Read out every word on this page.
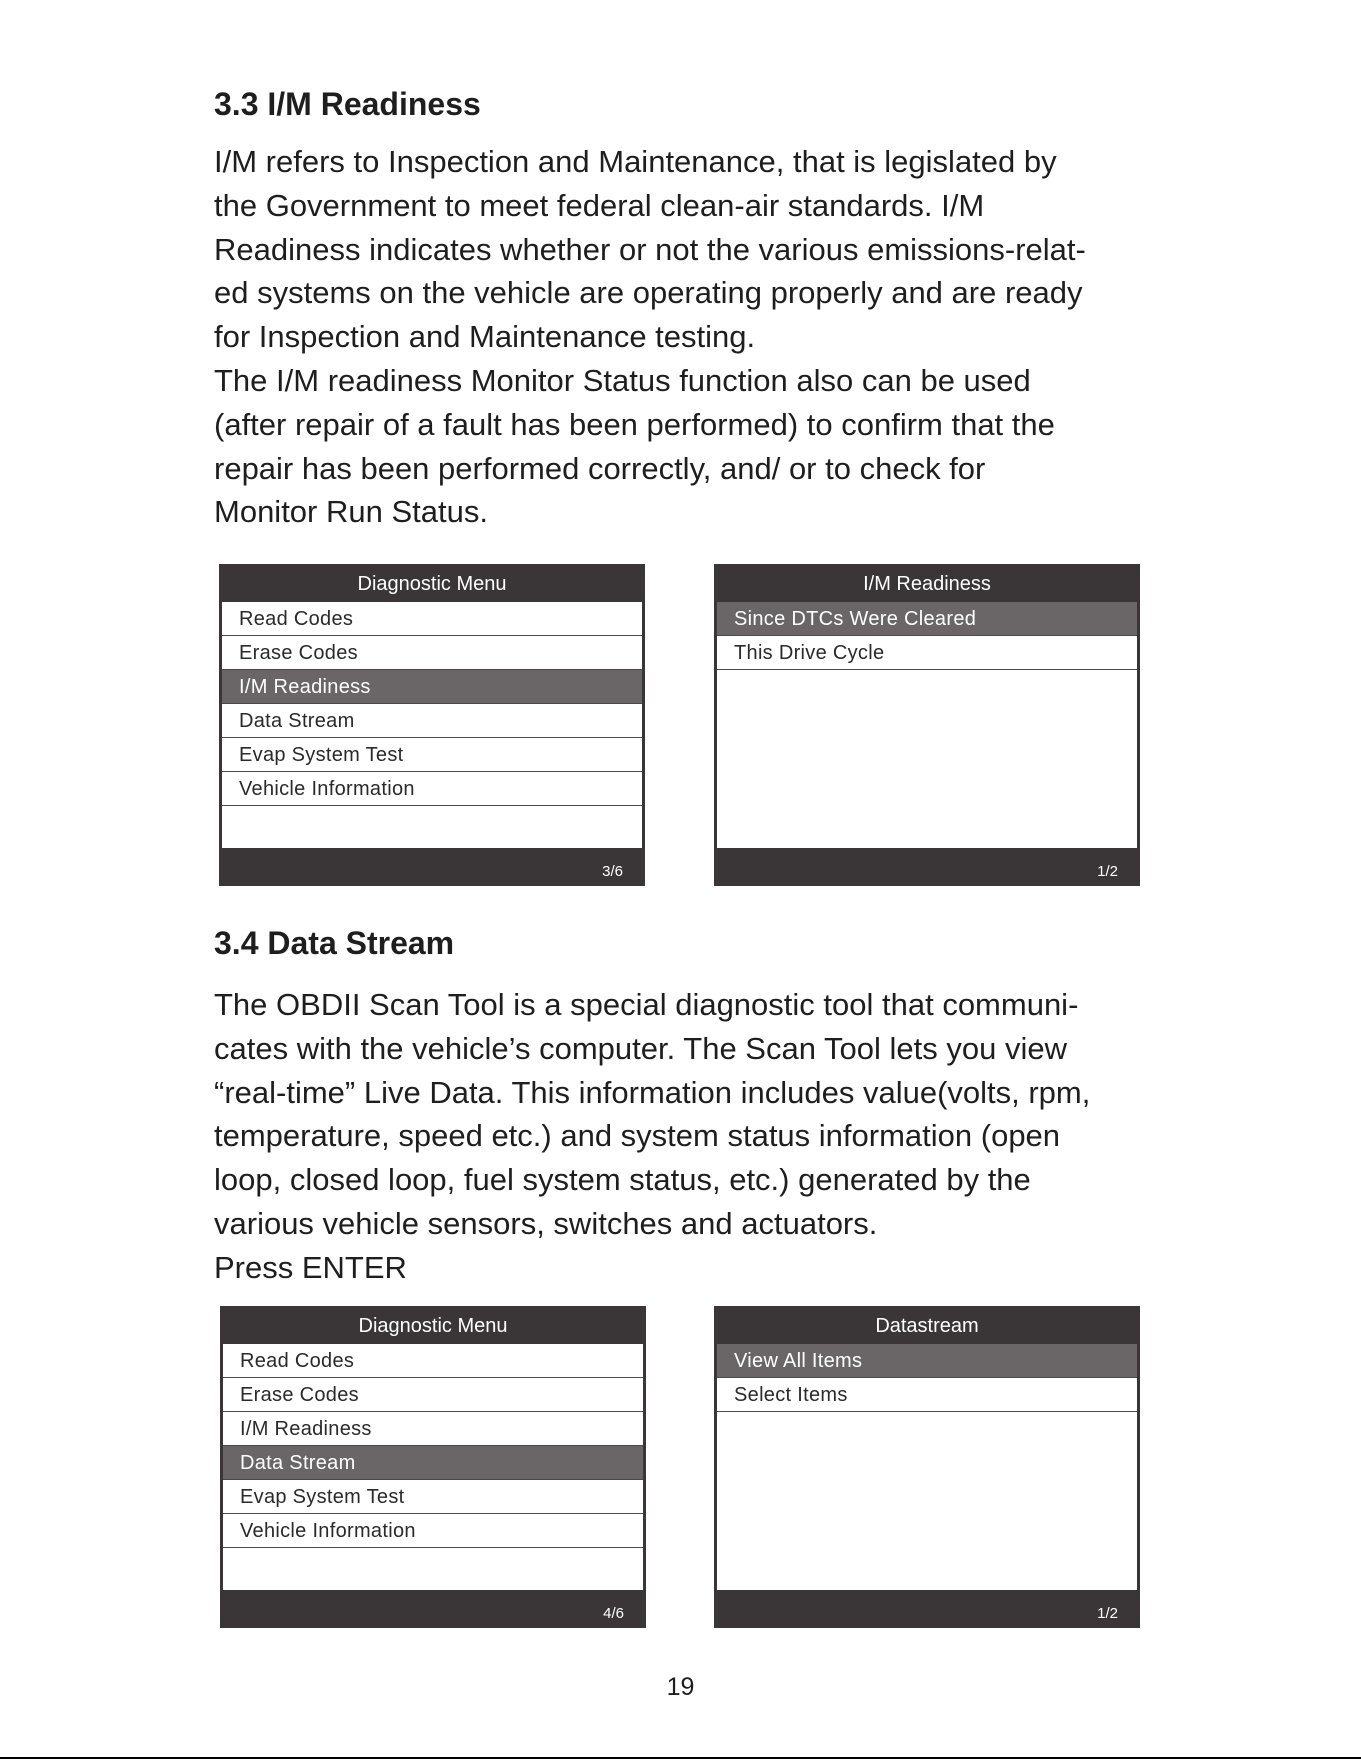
3.3 I/M Readiness
I/M refers to Inspection and Maintenance, that is legislated by
the Government to meet federal clean-air standards. I/M
Readiness indicates whether or not the various emissions-relat-
ed systems on the vehicle are operating properly and are ready
for Inspection and Maintenance testing.
The I/M readiness Monitor Status function also can be used
(after repair of a fault has been performed) to confirm that the
repair has been performed correctly, and/ or to check for
Monitor Run Status.
Diagnostic Menu
Read Codes
Erase Codes
I/M Readiness
Data Stream
Evap System Test
Vehicle Information
3/6
I/M Readiness
Since DTCs Were Cleared
This Drive Cycle
1/2
3.4 Data Stream
The OBDII Scan Tool is a special diagnostic tool that communi-
cates with the vehicle’s computer. The Scan Tool lets you view
“real-time” Live Data. This information includes value(volts, rpm,
temperature, speed etc.) and system status information (open
loop, closed loop, fuel system status, etc.) generated by the
various vehicle sensors, switches and actuators.
Press ENTER
Diagnostic Menu
Read Codes
Erase Codes
I/M Readiness
Data Stream
Evap System Test
Vehicle Information
4/6
Datastream
View All Items
Select Items
1/2
19
